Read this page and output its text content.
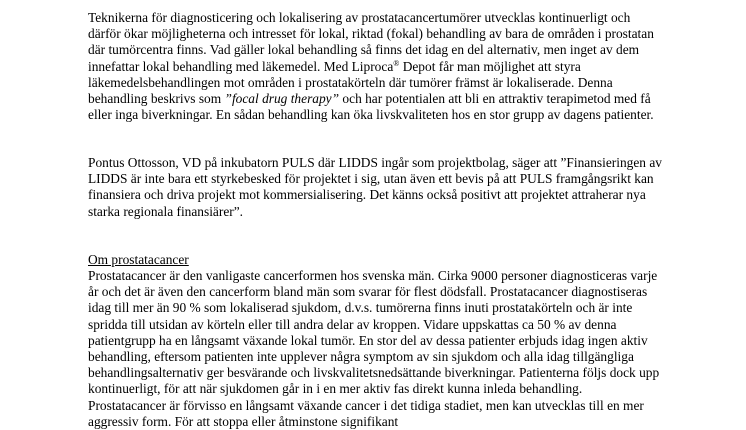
Teknikerna för diagnosticering och lokalisering av prostatacancertumörer utvecklas kontinuerligt och därför ökar möjligheterna och intresset för lokal, riktad (fokal) behandling av bara de områden i prostatan där tumörcentra finns. Vad gäller lokal behandling så finns det idag en del alternativ, men inget av dem innefattar lokal behandling med läkemedel. Med Liproca® Depot får man möjlighet att styra läkemedelsbehandlingen mot områden i prostatakörteln där tumörer främst är lokaliserade. Denna behandling beskrivs som ”focal drug therapy” och har potentialen att bli en attraktiv terapimetod med få eller inga biverkningar. En sådan behandling kan öka livskvaliteten hos en stor grupp av dagens patienter.

Pontus Ottosson, VD på inkubatorn PULS där LIDDS ingår som projektbolag, säger att ”Finansieringen av LIDDS är inte bara ett styrkebesked för projektet i sig, utan även ett bevis på att PULS framgångsrikt kan finansiera och driva projekt mot kommersialisering. Det känns också positivt att projektet attraherar nya starka regionala finansiärer”.

Om prostatacancer

Prostatacancer är den vanligaste cancerformen hos svenska män. Cirka 9000 personer diagnosticeras varje år och det är även den cancerform bland män som svarar för flest dödsfall. Prostatacancer diagnostiseras idag till mer än 90 % som lokaliserad sjukdom, d.v.s. tumörerna finns inuti prostatakörteln och är inte spridda till utsidan av körteln eller till andra delar av kroppen. Vidare uppskattas ca 50 % av denna patientgrupp ha en långsamt växande lokal tumör. En stor del av dessa patienter erbjuds idag ingen aktiv behandling, eftersom patienten inte upplever några symptom av sin sjukdom och alla idag tillgängliga behandlingsalternativ ger besvärande och livskvalitetsnedsättande biverkningar. Patienterna följs dock upp kontinuerligt, för att när sjukdomen går in i en mer aktiv fas direkt kunna inleda behandling. Prostatacancer är förvisso en långsamt växande cancer i det tidiga stadiet, men kan utvecklas till en mer aggressiv form. För att stoppa eller åtminstone signifikant
